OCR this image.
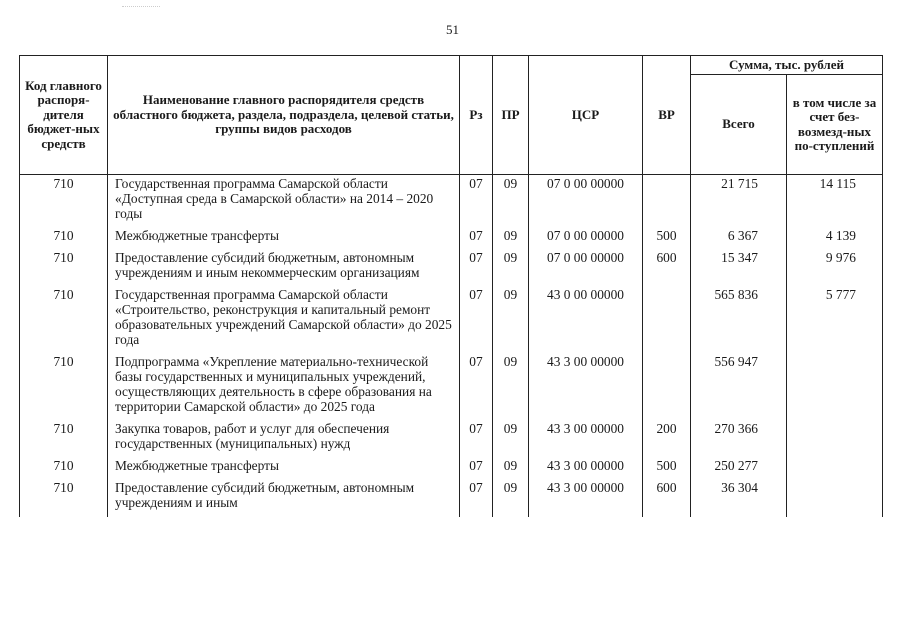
51
Код главного распоря-дителя бюджет-ных средств	Наименование главного распорядителя средств областного бюджета, раздела, подраздела, целевой статьи, группы видов расходов	Рз	ПР	ЦСР	ВР	Сумма, тыс. рублей	
						Всего	в том числе за счет без-возмезд-ных по-ступлений
710	Государственная программа Самарской области «Доступная среда в Самарской области» на 2014 – 2020 годы	07	09	07 0 00 00000		21 715	14 115
710	Межбюджетные трансферты	07	09	07 0 00 00000	500	6 367	4 139
710	Предоставление субсидий бюджетным, автономным учреждениям и иным некоммерческим организациям	07	09	07 0 00 00000	600	15 347	9 976
710	Государственная программа Самарской области «Строительство, реконструкция и капитальный ремонт образовательных учреждений Самарской области» до 2025 года	07	09	43 0 00 00000		565 836	5 777
710	Подпрограмма «Укрепление материально-технической базы государственных и муниципальных учреждений, осуществляющих деятельность в сфере образования на территории Самарской области» до 2025 года	07	09	43 3 00 00000		556 947	
710	Закупка товаров, работ и услуг для обеспечения государственных (муниципальных) нужд	07	09	43 3 00 00000	200	270 366	
710	Межбюджетные трансферты	07	09	43 3 00 00000	500	250 277	
710	Предоставление субсидий бюджетным, автономным учреждениям и иным	07	09	43 3 00 00000	600	36 304	
